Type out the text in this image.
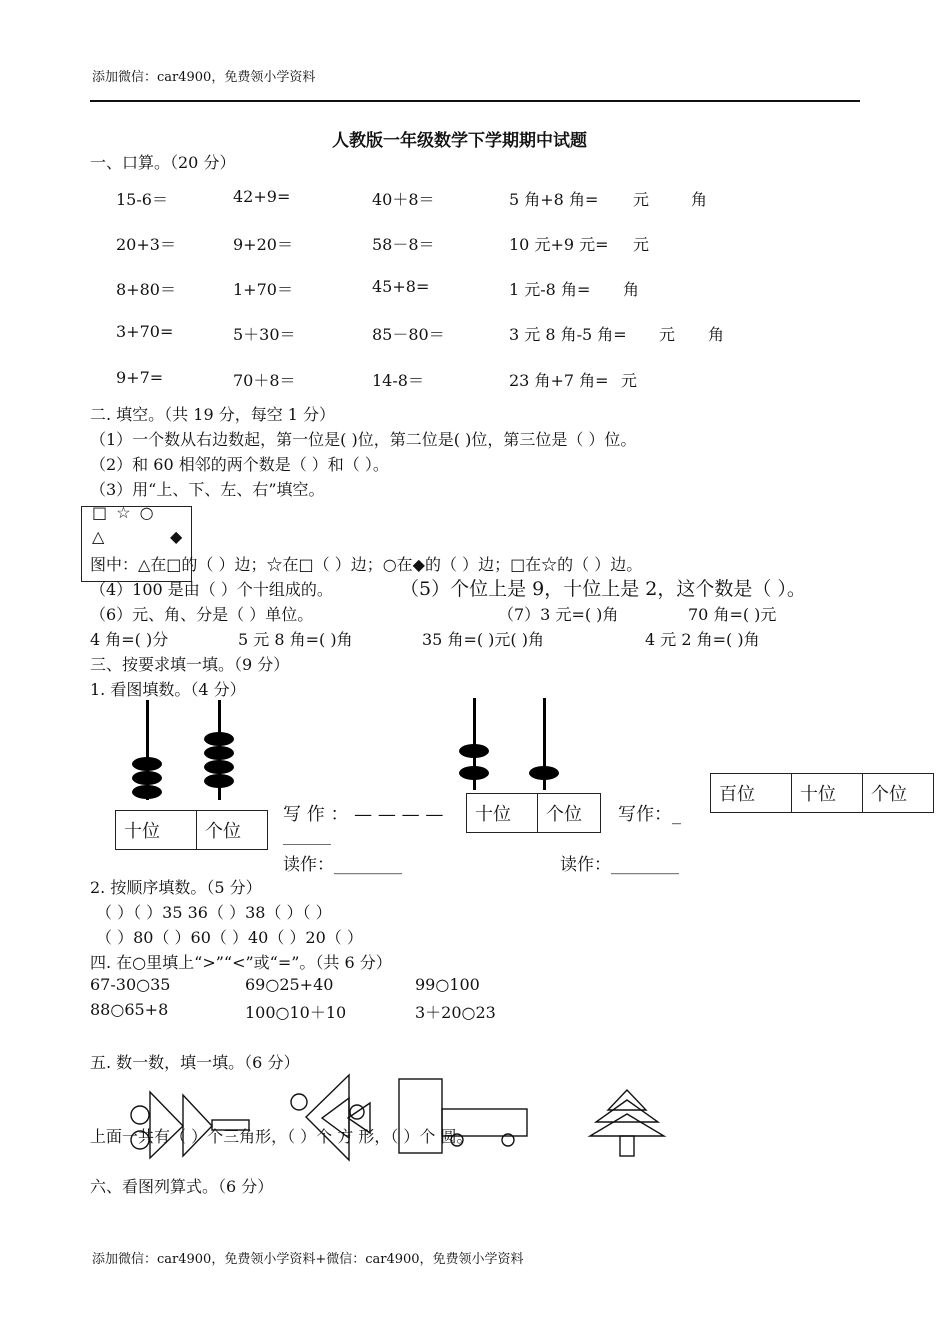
添加微信：car4900，免费领小学资料
人教版一年级数学下学期期中试题
一、口算。（20 分）
15-6＝	42+9=	40＋8＝	5 角+8 角= 元	角
20+3＝	9+20＝	58－8＝	10 元+9 元= 元
8+80＝	1+70＝	45+8=	1 元-8 角= 角
3+70=	5＋30＝	85－80＝	3 元 8 角-5 角= 元 角
9+7=	70＋8＝	14-8＝	23 角+7 角= 元
二. 填空。（共 19 分，每空 1 分）
（1）一个数从右边数起，第一位是( )位，第二位是( )位，第三位是（ ）位。
（2）和 60 相邻的两个数是（ ）和（ ）。
（3）用“上、下、左、右”填空。
□ ☆ ○
△	◆
图中：△在□的（ ）边；☆在□（ ）边；○在◆的（ ）边；□在☆的（ ）边。
（4）100 是由（ ）个十组成的。	（5）个位上是 9，十位上是 2，这个数是（ ）。
（6）元、角、分是（ ）单位。	（7）3 元=( )角	70 角=( )元
4 角=( )分	5 元 8 角=( )角	35 角=( )元( )角	4 元 2 角=( )角
三、按要求填一填。（9 分）
1. 看图填数。（4 分）
十位	个位
写 作 ： — — — —
______
读作：________
十位	个位 写作：_
读作：________
百位	十位	个位
2. 按顺序填数。（5 分）
（ ）（ ）35 36（ ）38（ ）（ ）
（ ）80（ ）60（ ）40（ ）20（ ）
四. 在○里填上“>”“<”或“=”。（共 6 分）
67-30○35	69○25+40	99○100
88○65+8	100○10＋10	3＋20○23
五. 数一数，填一填。（6 分）
上面一共有（ ）个三角形，（ ）个 方 形，（ ）个 圆。
六、看图列算式。（6 分）
添加微信：car4900，免费领小学资料+微信：car4900，免费领小学资料
